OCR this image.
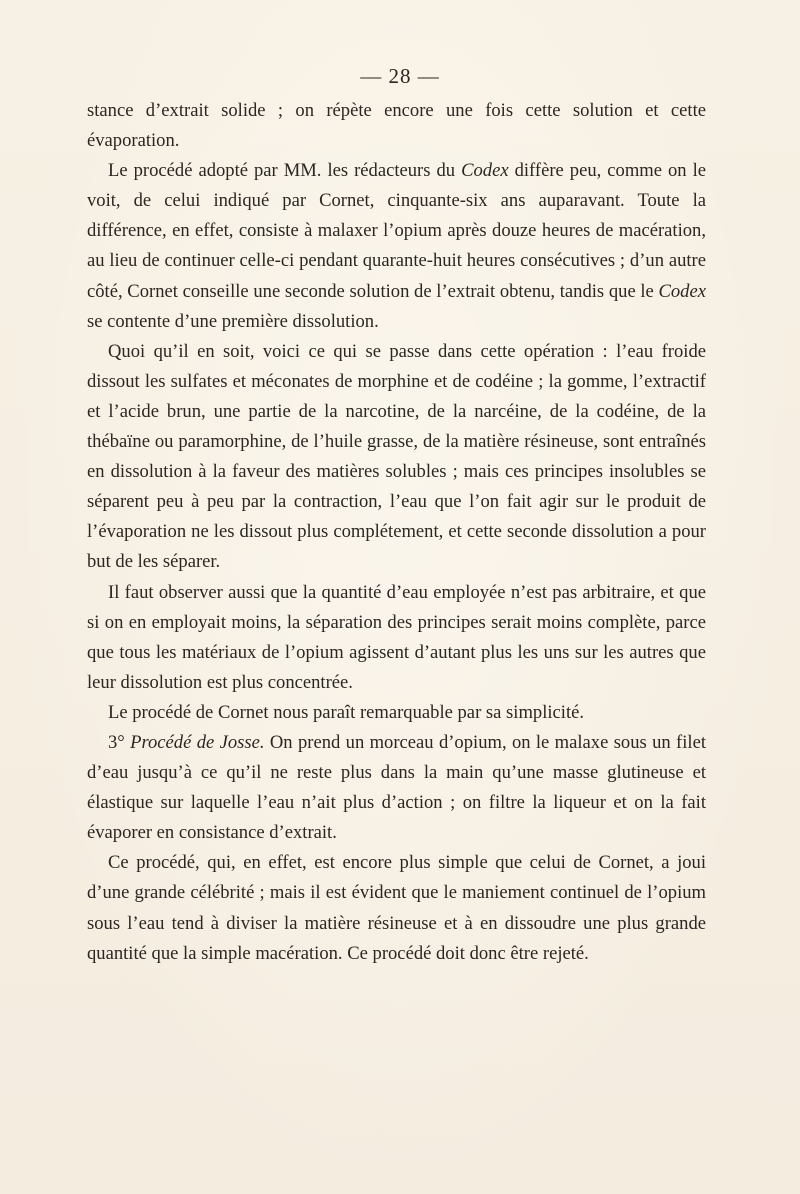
— 28 —

stance d’extrait solide ; on répète encore une fois cette solution et cette évaporation.

Le procédé adopté par MM. les rédacteurs du Codex diffère peu, comme on le voit, de celui indiqué par Cornet, cinquante-six ans auparavant. Toute la différence, en effet, consiste à malaxer l’opium après douze heures de macération, au lieu de continuer celle-ci pendant quarante-huit heures consécutives ; d’un autre côté, Cornet conseille une seconde solution de l’extrait obtenu, tandis que le Codex se contente d’une première dissolution.

Quoi qu’il en soit, voici ce qui se passe dans cette opération : l’eau froide dissout les sulfates et méconates de morphine et de codéine ; la gomme, l’extractif et l’acide brun, une partie de la narcotine, de la narcéine, de la codéine, de la thébaïne ou paramorphine, de l’huile grasse, de la matière résineuse, sont entraînés en dissolution à la faveur des matières solubles ; mais ces principes insolubles se séparent peu à peu par la contraction, l’eau que l’on fait agir sur le produit de l’évaporation ne les dissout plus complétement, et cette seconde dissolution a pour but de les séparer.

Il faut observer aussi que la quantité d’eau employée n’est pas arbitraire, et que si on en employait moins, la séparation des principes serait moins complète, parce que tous les matériaux de l’opium agissent d’autant plus les uns sur les autres que leur dissolution est plus concentrée.

Le procédé de Cornet nous paraît remarquable par sa simplicité.

3° Procédé de Josse. On prend un morceau d’opium, on le malaxe sous un filet d’eau jusqu’à ce qu’il ne reste plus dans la main qu’une masse glutineuse et élastique sur laquelle l’eau n’ait plus d’action ; on filtre la liqueur et on la fait évaporer en consistance d’extrait.

Ce procédé, qui, en effet, est encore plus simple que celui de Cornet, a joui d’une grande célébrité ; mais il est évident que le maniement continuel de l’opium sous l’eau tend à diviser la matière résineuse et à en dissoudre une plus grande quantité que la simple macération. Ce procédé doit donc être rejeté.
